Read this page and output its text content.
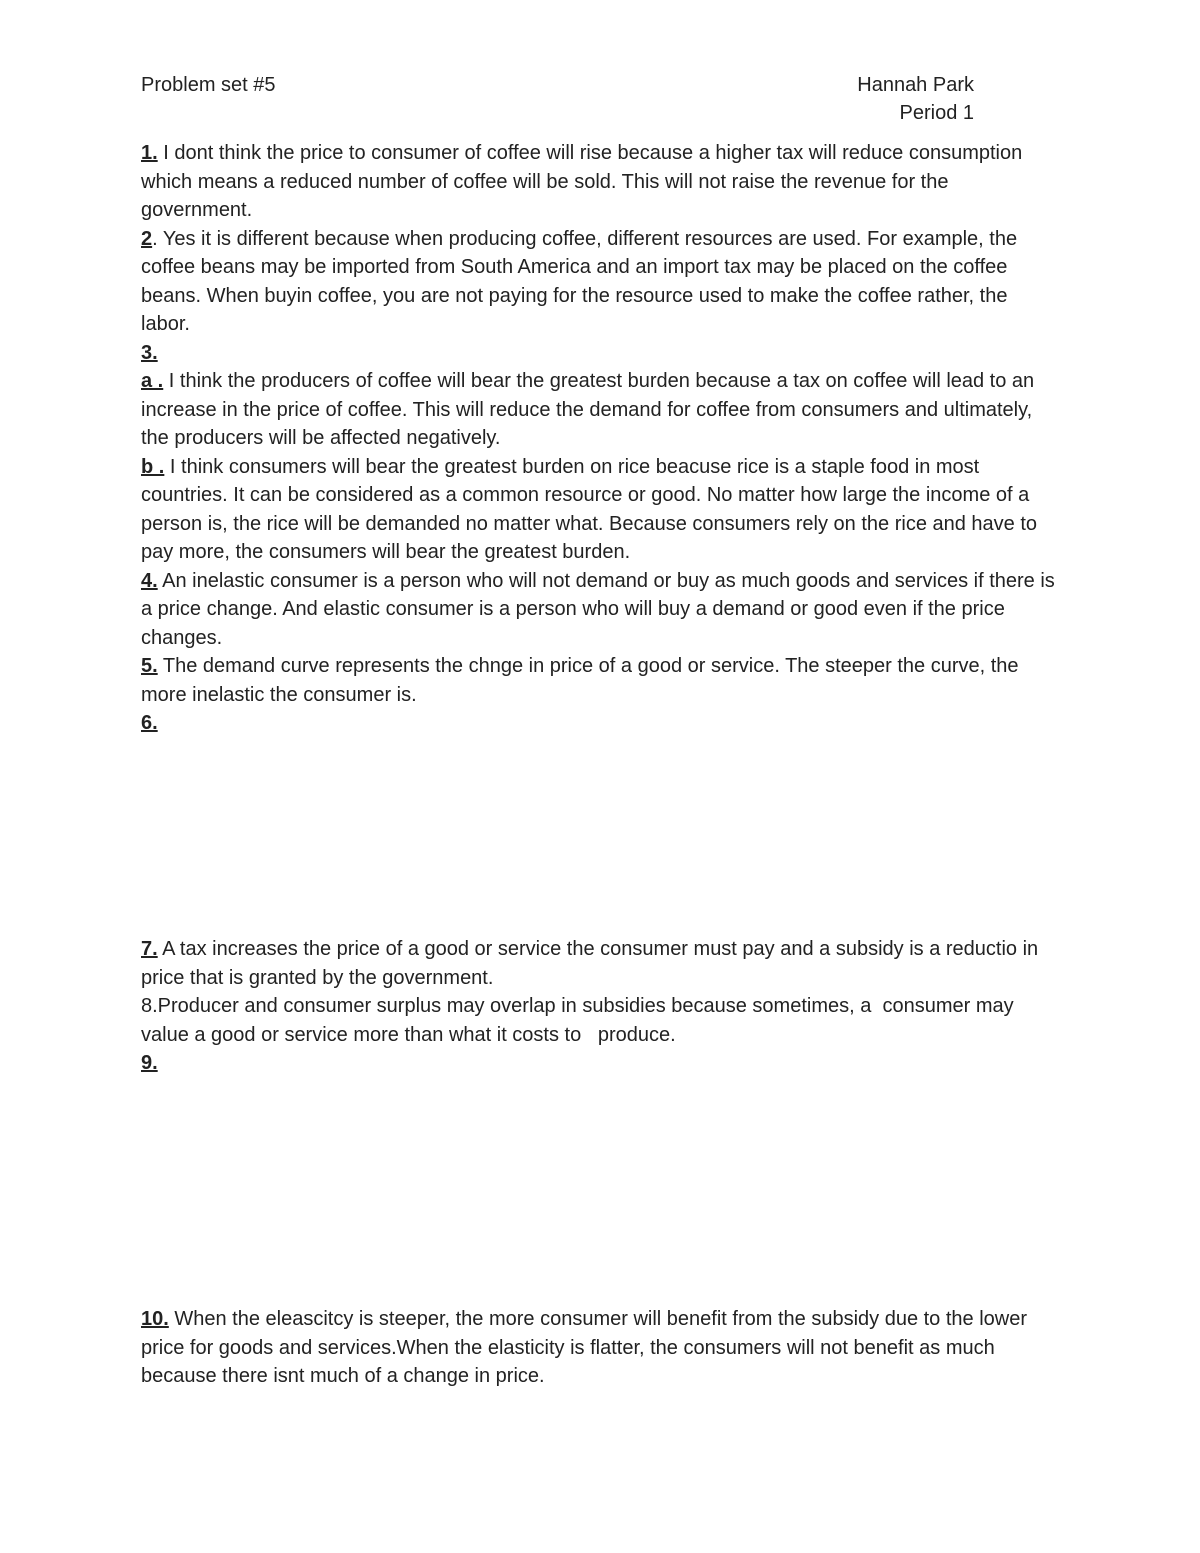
Problem set #5	Hannah Park
Period 1

1. I dont think the price to consumer of coffee will rise because a higher tax will reduce consumption which means a reduced number of coffee will be sold. This will not raise the revenue for the government.

2. Yes it is different because when producing coffee, different resources are used. For example, the coffee beans may be imported from South America and an import tax may be placed on the coffee beans. When buyin coffee, you are not paying for the resource used to make the coffee rather, the labor.

3.

a . I think the producers of coffee will bear the greatest burden because a tax on coffee will lead to an increase in the price of coffee. This will reduce the demand for coffee from consumers and ultimately, the producers will be affected negatively.

b . I think consumers will bear the greatest burden on rice beacuse rice is a staple food in most countries. It can be considered as a common resource or good. No matter how large the income of a person is, the rice will be demanded no matter what. Because consumers rely on the rice and have to pay more, the consumers will bear the greatest burden.

4. An inelastic consumer is a person who will not demand or buy as much goods and services if there is a price change. And elastic consumer is a person who will buy a demand or good even if the price changes.

5. The demand curve represents the chnge in price of a good or service. The steeper the curve, the more inelastic the consumer is.

6.

7. A tax increases the price of a good or service the consumer must pay and a subsidy is a reductio in price that is granted by the government.

8.Producer and consumer surplus may overlap in subsidies because sometimes, a  consumer may value a good or service more than what it costs to   produce.

9.

10. When the eleascitcy is steeper, the more consumer will benefit from the subsidy due to the lower price for goods and services.When the elasticity is flatter, the consumers will not benefit as much because there isnt much of a change in price.
